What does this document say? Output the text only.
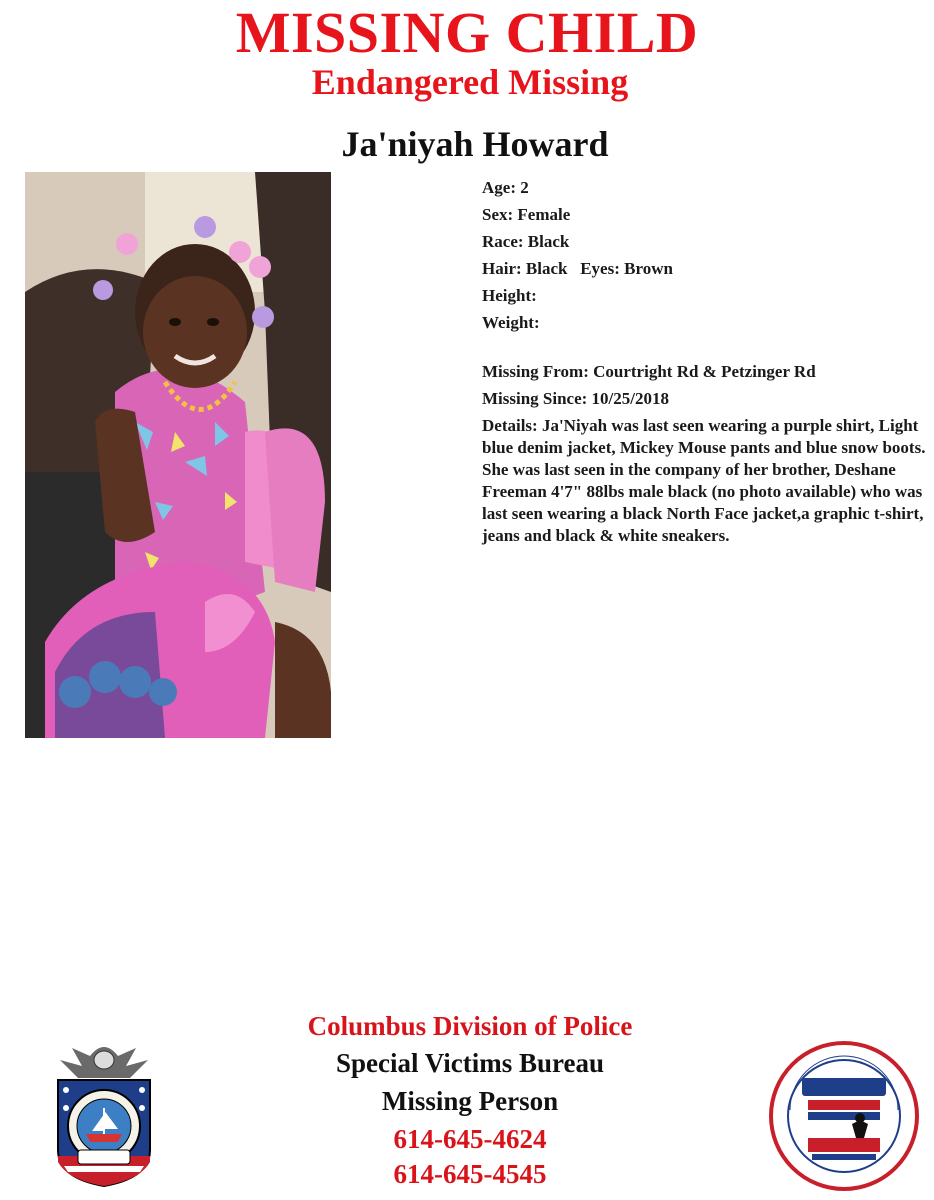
MISSING CHILD
Endangered Missing
Ja'niyah Howard
Age: 2
Sex: Female
Race: Black
Hair: Black   Eyes: Brown
Height:
Weight:
Missing From: Courtright Rd & Petzinger Rd
Missing Since: 10/25/2018
Details: Ja'Niyah was last seen wearing a purple shirt, Light blue denim jacket, Mickey Mouse pants and blue snow boots. She was last seen in the company of her brother, Deshane Freeman 4'7" 88lbs male black (no photo available) who was last seen wearing a black North Face jacket,a graphic t-shirt, jeans and black & white sneakers.
Columbus Division of Police
Special Victims Bureau
Missing Person
614-645-4624
614-645-4545
